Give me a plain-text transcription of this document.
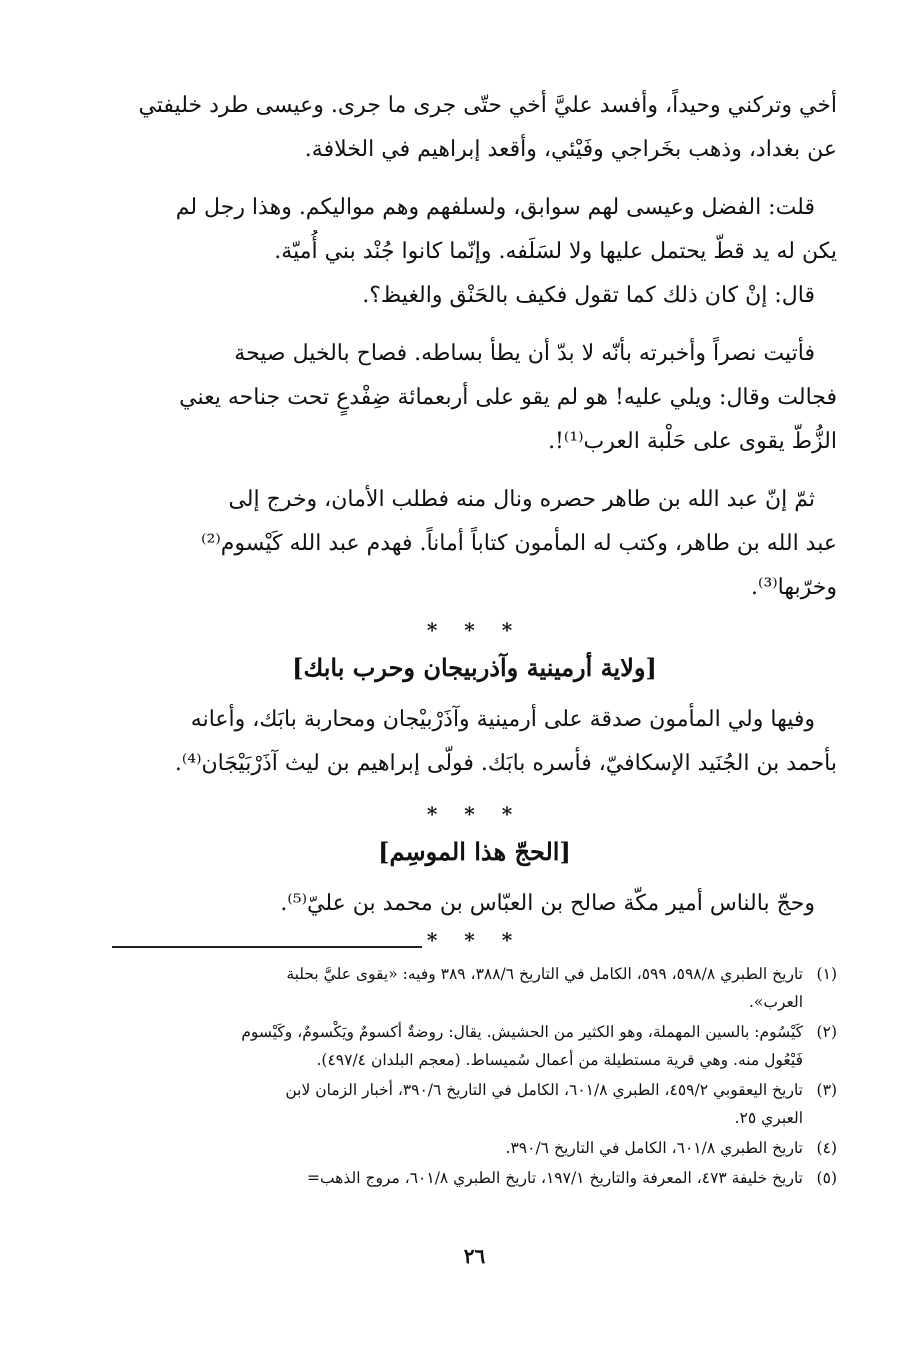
أخي وتركني وحيداً، وأفسد عليَّ أخي حتّى جرى ما جرى. وعيسى طرد خليفتي
عن بغداد، وذهب بخَراجي وفَيْئي، وأقعد إبراهيم في الخلافة.

قلت: الفضل وعيسى لهم سوابق، ولسلفهم وهم مواليكم. وهذا رجل لم
يكن له يد قطّ يحتمل عليها ولا لسَلَفه. وإنّما كانوا جُنْد بني أُميّة.

قال: إنْ كان ذلك كما تقول فكيف بالحَنْق والغيظ؟.

فأتيت نصراً وأخبرته بأنّه لا بدّ أن يطأ بساطه. فصاح بالخيل صيحة
فجالت وقال: ويلي عليه! هو لم يقو على أربعمائة ضِفْدعٍ تحت جناحه يعني
الزُّطّ يقوى على حَلْبة العرب⁽¹⁾!.

ثمّ إنّ عبد الله بن طاهر حصره ونال منه فطلب الأمان، وخرج إلى
عبد الله بن طاهر، وكتب له المأمون كتاباً أماناً. فهدم عبد الله كَيْسوم⁽²⁾
وخرّبها⁽³⁾.

* * *
[ولاية أرمينية وآذربيجان وحرب بابك]

وفيها ولي المأمون صدقة على أرمينية وآذَرْبيْجان ومحاربة بابَك، وأعانه
بأحمد بن الجُنَيد الإسكافيّ، فأسره بابَك. فولّى إبراهيم بن ليث آذَرْبَيْجَان⁽⁴⁾.

* * *
[الحجّ هذا الموسِم]

وحجّ بالناس أمير مكّة صالح بن العبّاس بن محمد بن عليّ⁽⁵⁾.

* * *
(١)
تاريخ الطبري ٥٩٨/٨، ٥٩٩، الكامل في التاريخ ٣٨٨/٦، ٣٨٩ وفيه: «يقوى عليَّ بحلبة
العرب».
(٢)
كَيْسُوم: بالسين المهملة، وهو الكثير من الحشيش. يقال: روضةٌ أكسومٌ ويَكْسومٌ، وكَيْسوم
فَيْعُول منه. وهي قرية مستطيلة من أعمال سُميساط. (معجم البلدان ٤٩٧/٤).
(٣)
تاريخ اليعقوبي ٤٥٩/٢، الطبري ٦٠١/٨، الكامل في التاريخ ٣٩٠/٦، أخبار الزمان لابن
العبري ٢٥.
(٤)
تاريخ الطبري ٦٠١/٨، الكامل في التاريخ ٣٩٠/٦.
(٥)
تاريخ خليفة ٤٧٣، المعرفة والتاريخ ١٩٧/١، تاريخ الطبري ٦٠١/٨، مروج الذهب=
٢٦
